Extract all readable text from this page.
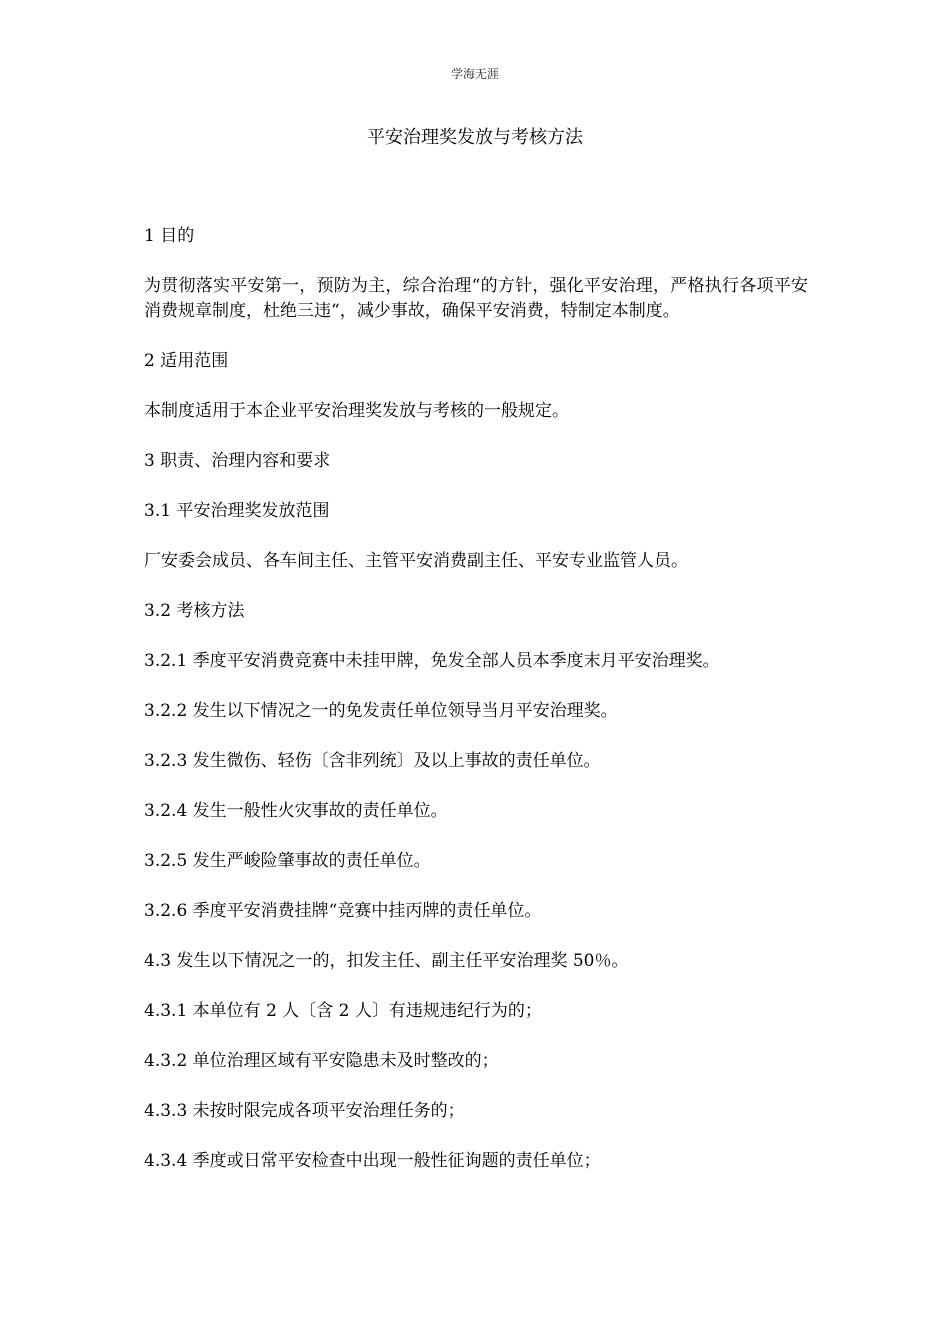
学海无涯
平安治理奖发放与考核方法

1 目的

为贯彻落实平安第一，预防为主，综合治理“的方针，强化平安治理，严格执行各项平安消费规章制度，杜绝三违“，减少事故，确保平安消费，特制定本制度。

2 适用范围

本制度适用于本企业平安治理奖发放与考核的一般规定。

3 职责、治理内容和要求

3.1 平安治理奖发放范围

厂安委会成员、各车间主任、主管平安消费副主任、平安专业监管人员。

3.2 考核方法

3.2.1 季度平安消费竞赛中未挂甲牌，免发全部人员本季度末月平安治理奖。

3.2.2 发生以下情况之一的免发责任单位领导当月平安治理奖。

3.2.3 发生微伤、轻伤〔含非列统〕及以上事故的责任单位。

3.2.4 发生一般性火灾事故的责任单位。

3.2.5 发生严峻险肇事故的责任单位。

3.2.6 季度平安消费挂牌“竞赛中挂丙牌的责任单位。

4.3 发生以下情况之一的，扣发主任、副主任平安治理奖 50％。

4.3.1 本单位有 2 人〔含 2 人〕有违规违纪行为的；

4.3.2 单位治理区域有平安隐患未及时整改的；

4.3.3 未按时限完成各项平安治理任务的；

4.3.4 季度或日常平安检查中出现一般性征询题的责任单位；
